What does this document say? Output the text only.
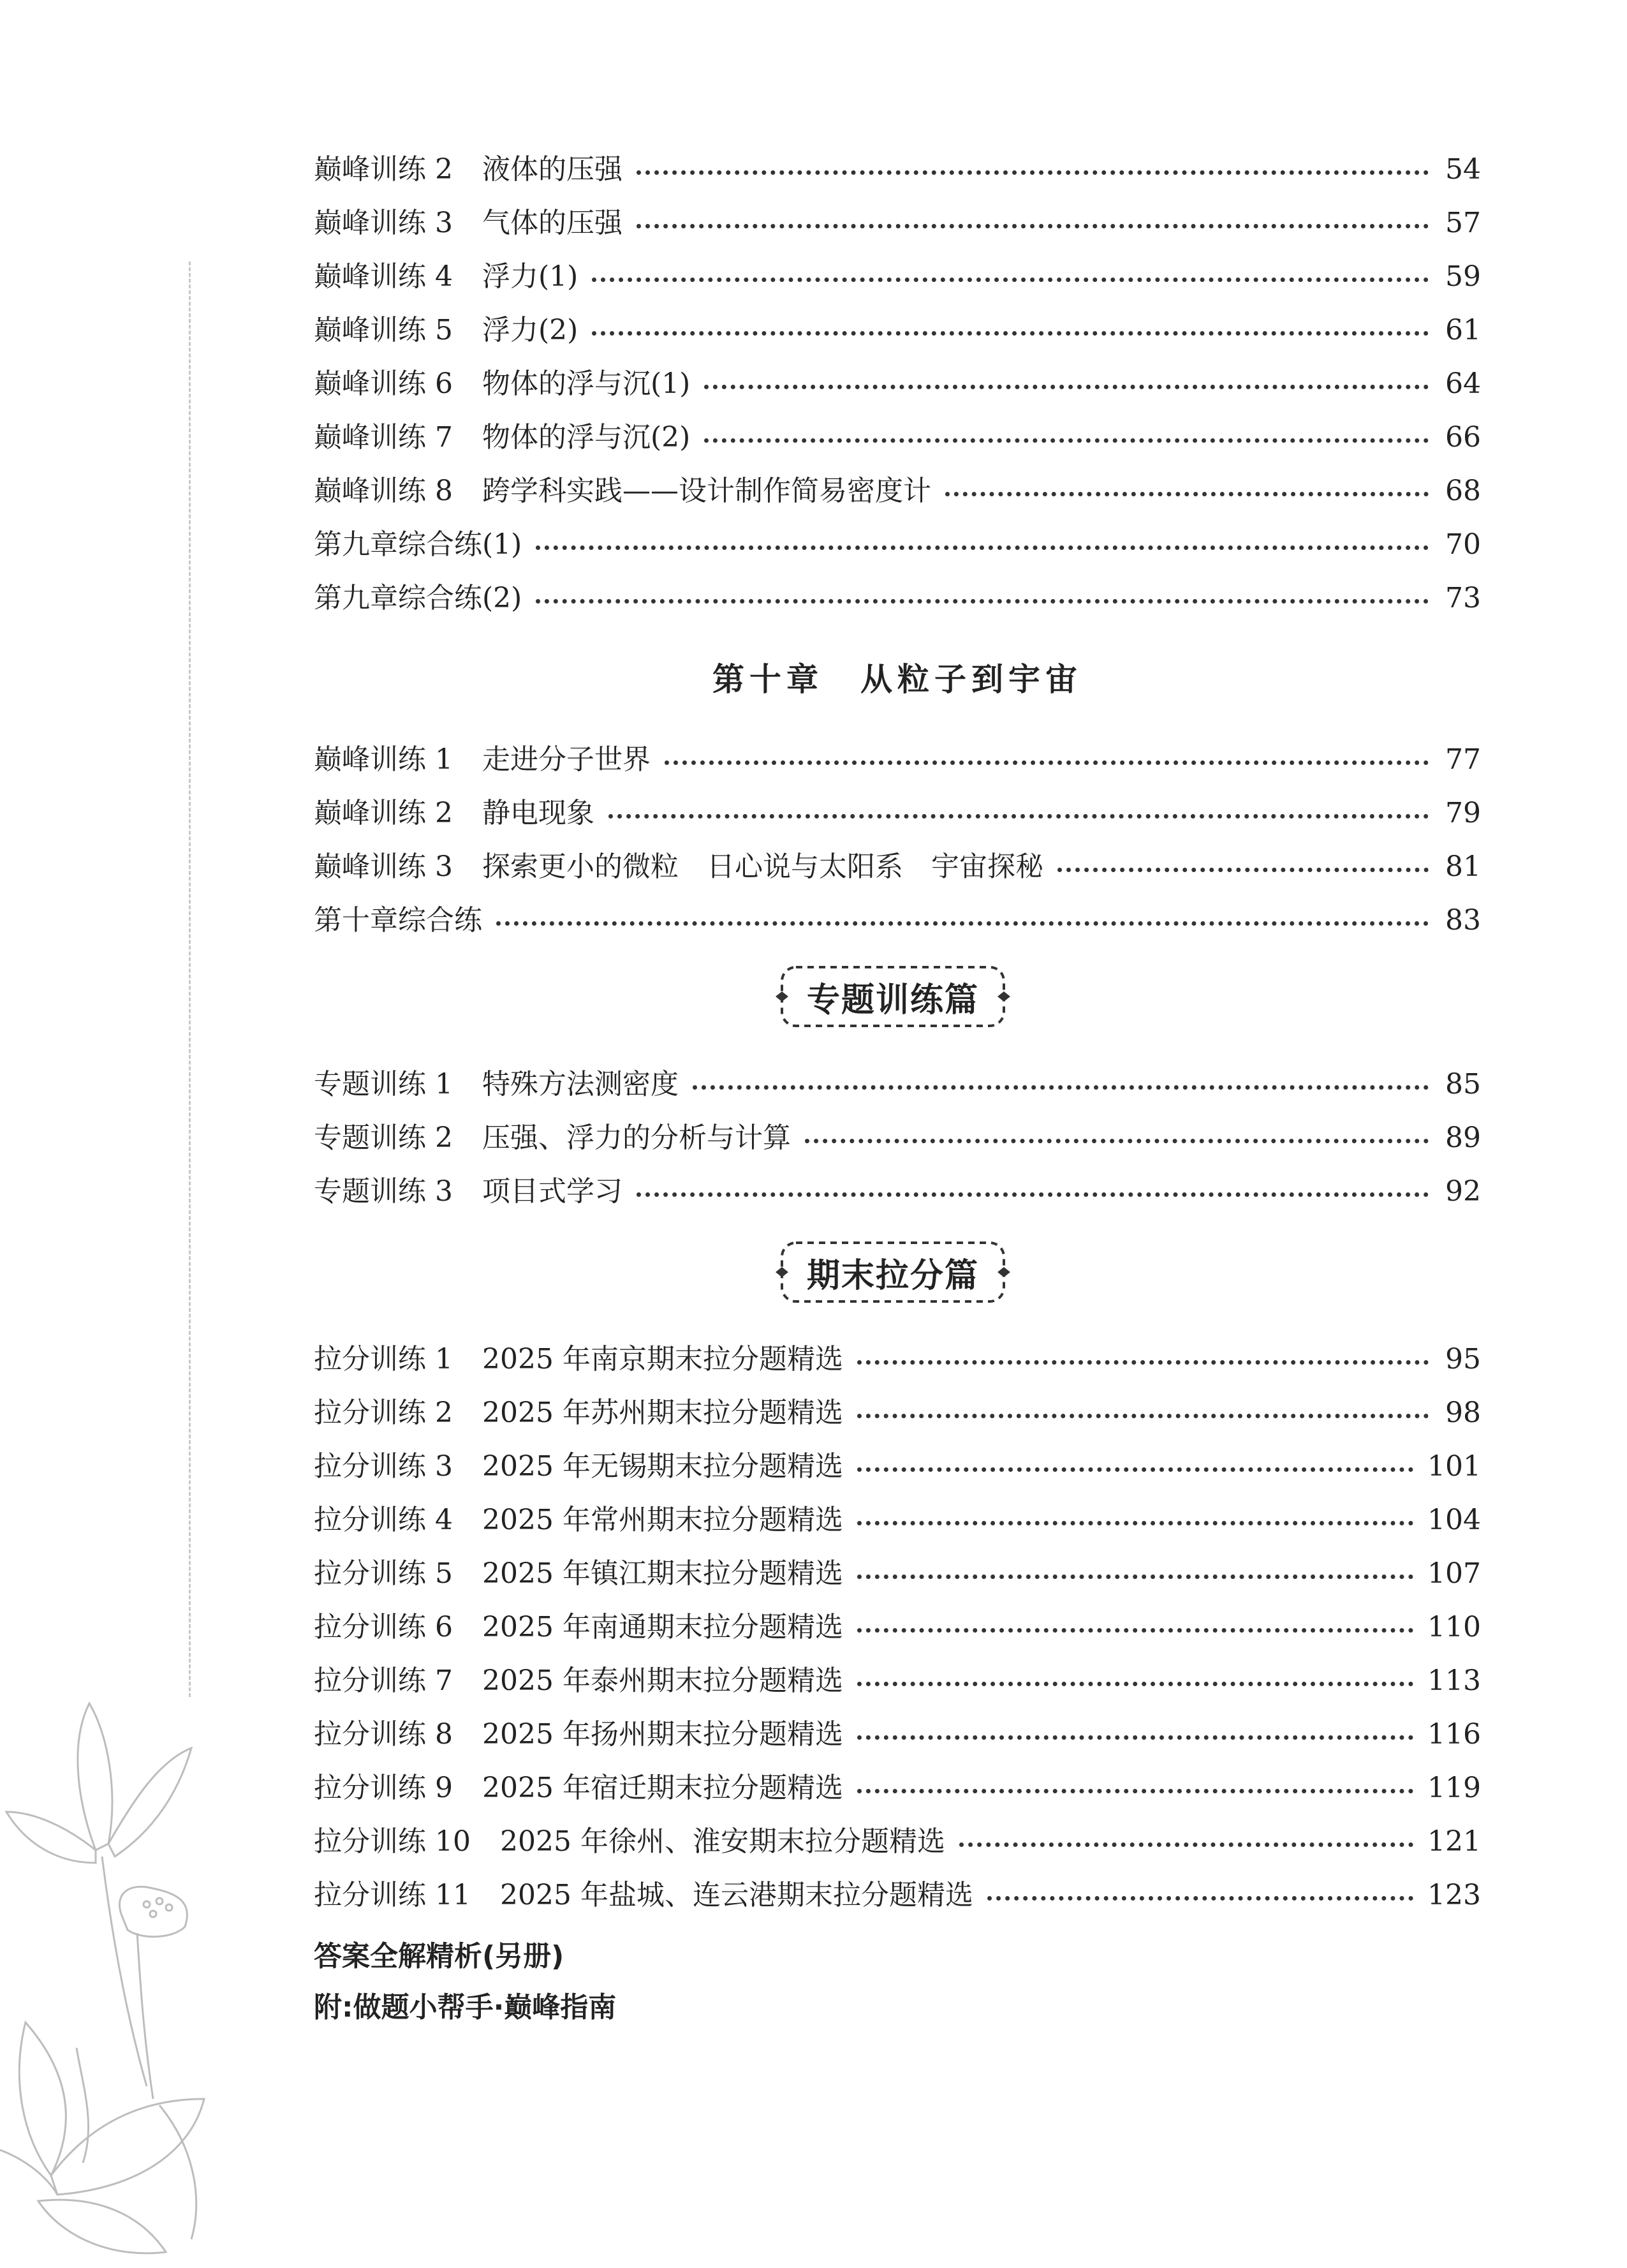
巅峰训练 2 液体的压强	54
巅峰训练 3 气体的压强	57
巅峰训练 4 浮力(1)	59
巅峰训练 5 浮力(2)	61
巅峰训练 6 物体的浮与沉(1)	64
巅峰训练 7 物体的浮与沉(2)	66
巅峰训练 8 跨学科实践——设计制作简易密度计	68
第九章综合练(1)	70
第九章综合练(2)	73
第十章　从粒子到宇宙
巅峰训练 1 走进分子世界	77
巅峰训练 2 静电现象	79
巅峰训练 3 探索更小的微粒　日心说与太阳系　宇宙探秘	81
第十章综合练	83
专题训练篇
专题训练 1 特殊方法测密度	85
专题训练 2 压强、浮力的分析与计算	89
专题训练 3 项目式学习	92
期末拉分篇
拉分训练 1 2025 年南京期末拉分题精选	95
拉分训练 2 2025 年苏州期末拉分题精选	98
拉分训练 3 2025 年无锡期末拉分题精选	101
拉分训练 4 2025 年常州期末拉分题精选	104
拉分训练 5 2025 年镇江期末拉分题精选	107
拉分训练 6 2025 年南通期末拉分题精选	110
拉分训练 7 2025 年泰州期末拉分题精选	113
拉分训练 8 2025 年扬州期末拉分题精选	116
拉分训练 9 2025 年宿迁期末拉分题精选	119
拉分训练 10 2025 年徐州、淮安期末拉分题精选	121
拉分训练 11 2025 年盐城、连云港期末拉分题精选	123
答案全解精析(另册)
附:做题小帮手·巅峰指南
